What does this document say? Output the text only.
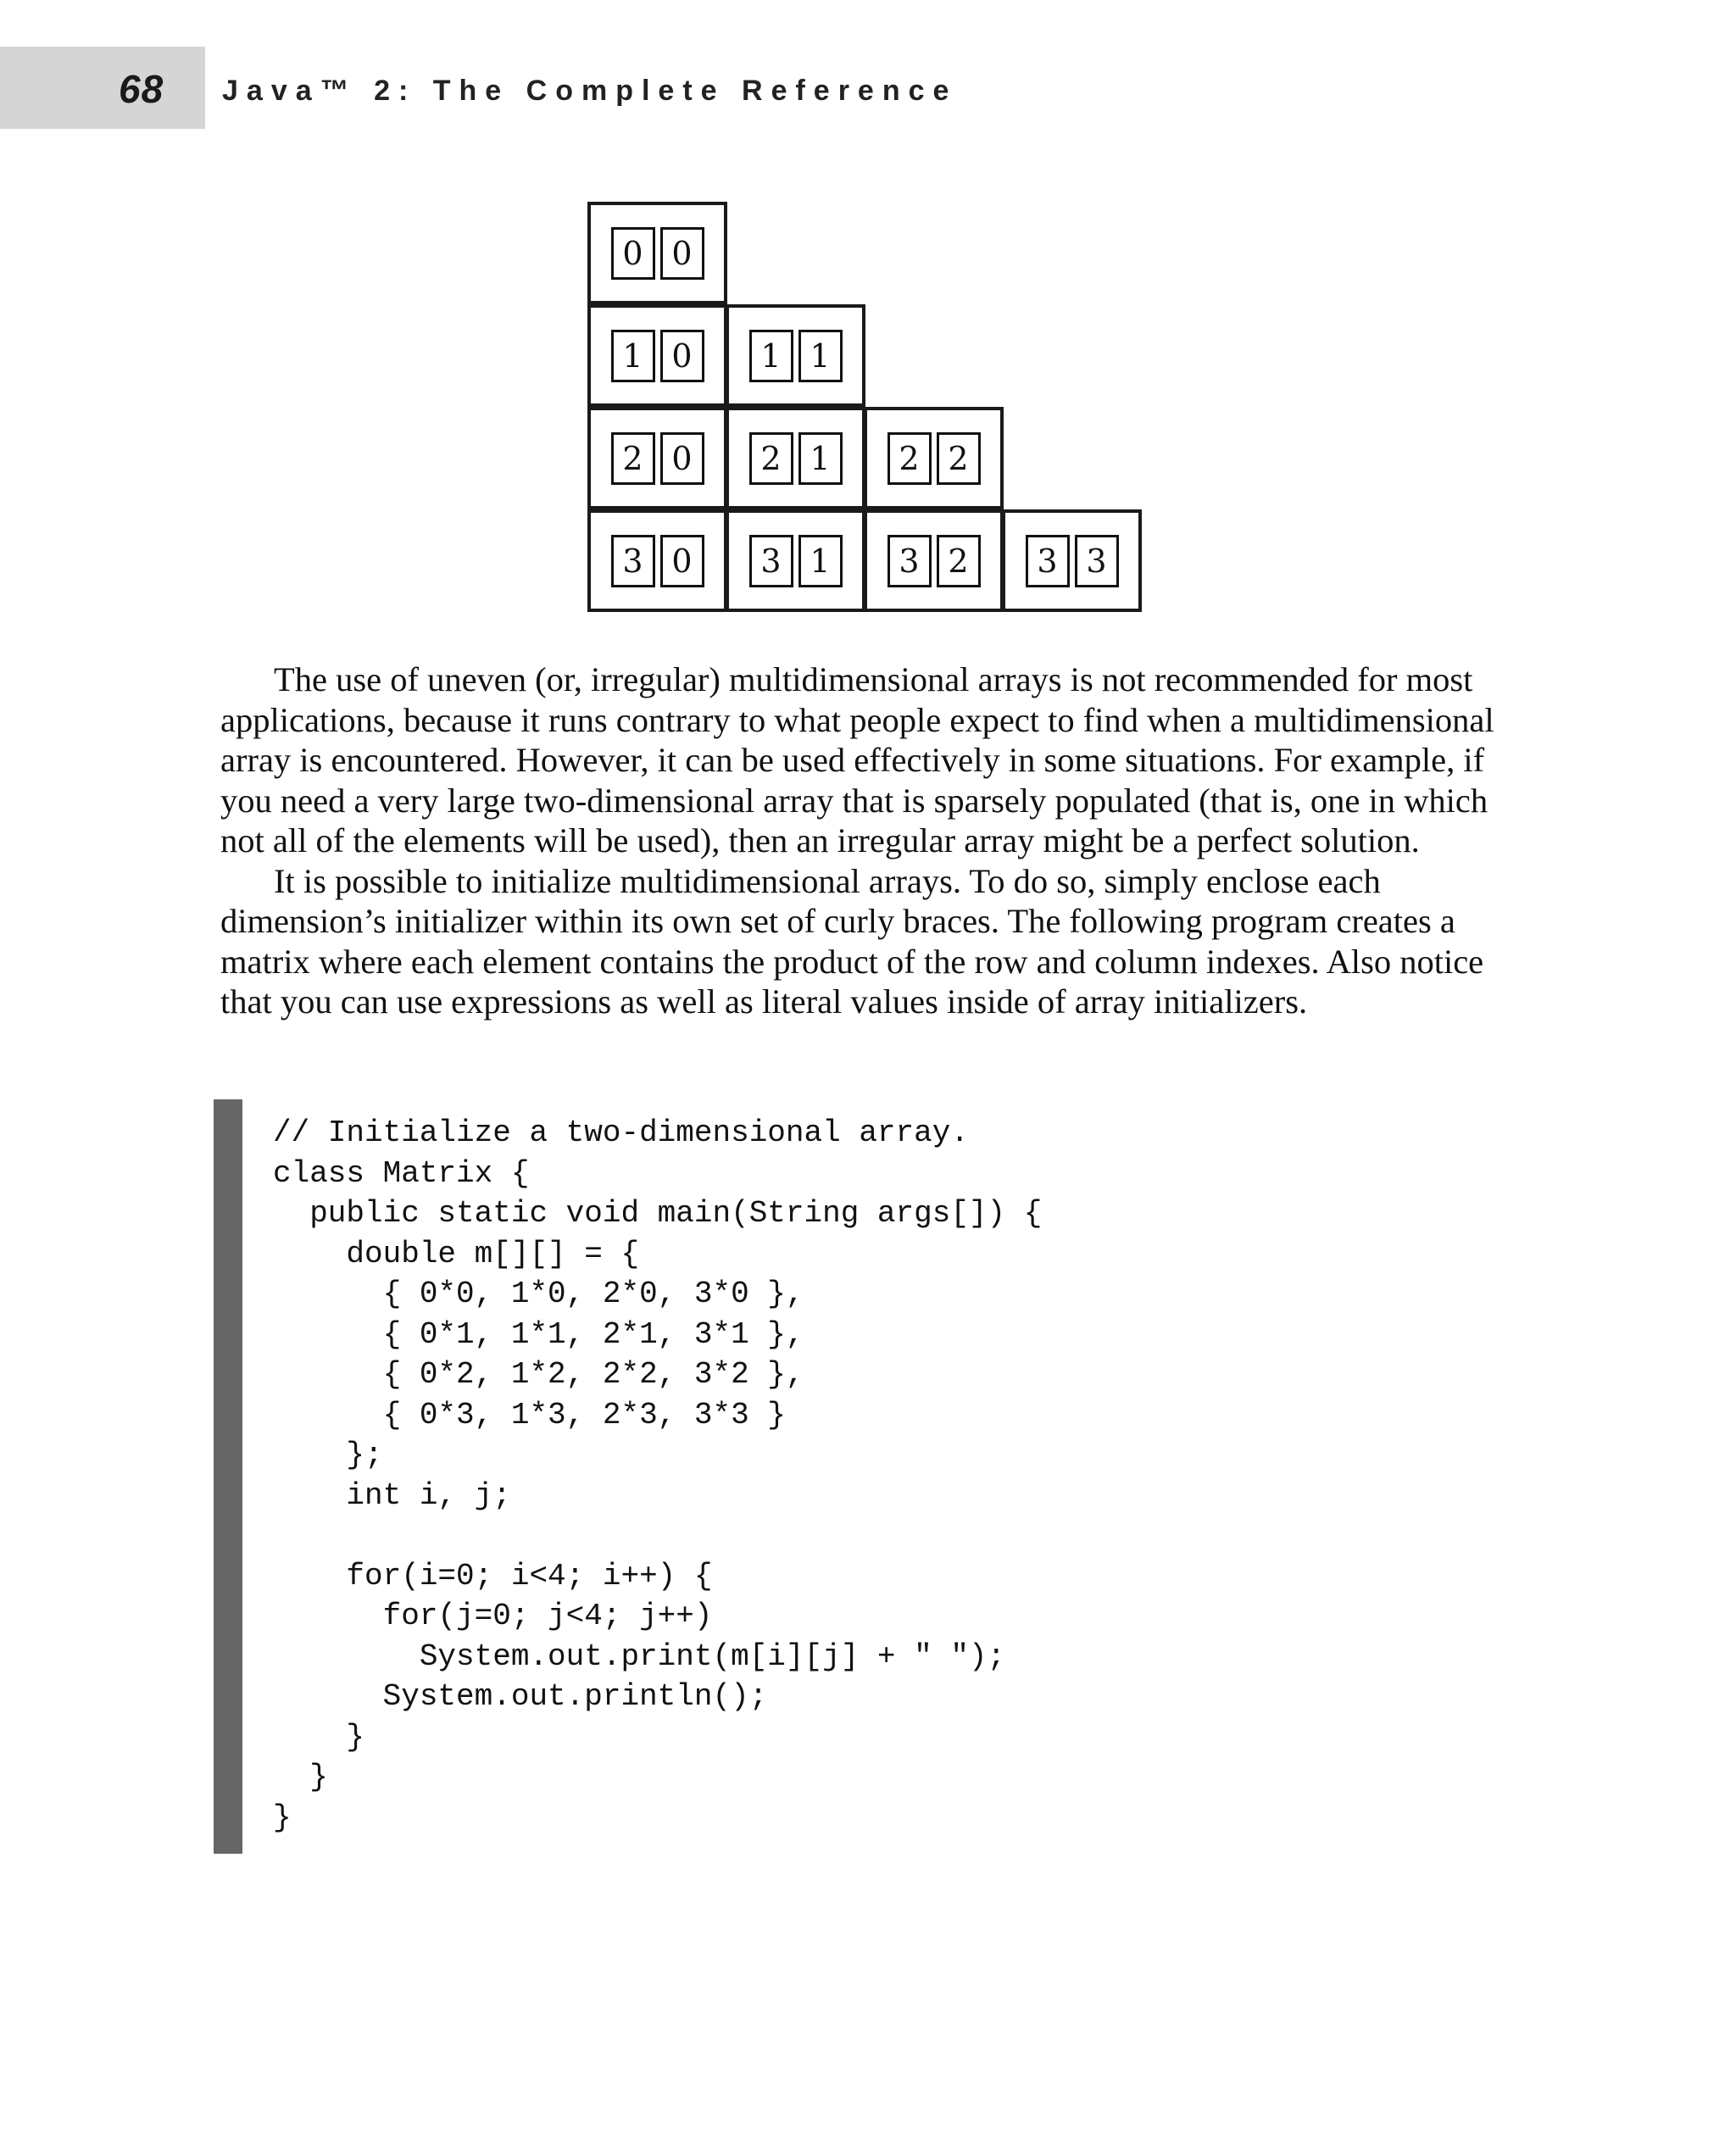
68 Java™ 2: The Complete Reference
0 0
1 0	1 1
2 0	2 1	2 2
3 0	3 1	3 2	3 3

The use of uneven (or, irregular) multidimensional arrays is not recommended for most applications, because it runs contrary to what people expect to find when a multidimensional array is encountered. However, it can be used effectively in some situations. For example, if you need a very large two-dimensional array that is sparsely populated (that is, one in which not all of the elements will be used), then an irregular array might be a perfect solution.

It is possible to initialize multidimensional arrays. To do so, simply enclose each dimension’s initializer within its own set of curly braces. The following program creates a matrix where each element contains the product of the row and column indexes. Also notice that you can use expressions as well as literal values inside of array initializers.

// Initialize a two-dimensional array.
class Matrix {
public static void main(String args[]) {
double m[][] = {
{ 0*0, 1*0, 2*0, 3*0 },
{ 0*1, 1*1, 2*1, 3*1 },
{ 0*2, 1*2, 2*2, 3*2 },
{ 0*3, 1*3, 2*3, 3*3 }
};
int i, j;
for(i=0; i<4; i++) {
for(j=0; j<4; j++)
System.out.print(m[i][j] + " ");
System.out.println();
}
}
}
